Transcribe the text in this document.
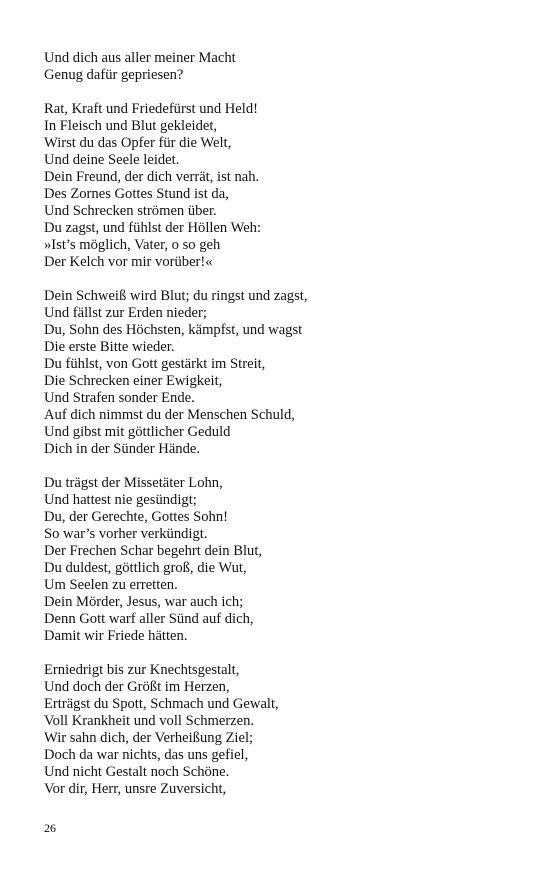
Und dich aus aller meiner Macht
Genug dafür gepriesen?
Rat, Kraft und Friedefürst und Held!
In Fleisch und Blut gekleidet,
Wirst du das Opfer für die Welt,
Und deine Seele leidet.
Dein Freund, der dich verrät, ist nah.
Des Zornes Gottes Stund ist da,
Und Schrecken strömen über.
Du zagst, und fühlst der Höllen Weh:
»Ist’s möglich, Vater, o so geh
Der Kelch vor mir vorüber!«
Dein Schweiß wird Blut; du ringst und zagst,
Und fällst zur Erden nieder;
Du, Sohn des Höchsten, kämpfst, und wagst
Die erste Bitte wieder.
Du fühlst, von Gott gestärkt im Streit,
Die Schrecken einer Ewigkeit,
Und Strafen sonder Ende.
Auf dich nimmst du der Menschen Schuld,
Und gibst mit göttlicher Geduld
Dich in der Sünder Hände.
Du trägst der Missetäter Lohn,
Und hattest nie gesündigt;
Du, der Gerechte, Gottes Sohn!
So war’s vorher verkündigt.
Der Frechen Schar begehrt dein Blut,
Du duldest, göttlich groß, die Wut,
Um Seelen zu erretten.
Dein Mörder, Jesus, war auch ich;
Denn Gott warf aller Sünd auf dich,
Damit wir Friede hätten.
Erniedrigt bis zur Knechtsgestalt,
Und doch der Größt im Herzen,
Erträgst du Spott, Schmach und Gewalt,
Voll Krankheit und voll Schmerzen.
Wir sahn dich, der Verheißung Ziel;
Doch da war nichts, das uns gefiel,
Und nicht Gestalt noch Schöne.
Vor dir, Herr, unsre Zuversicht,
26
